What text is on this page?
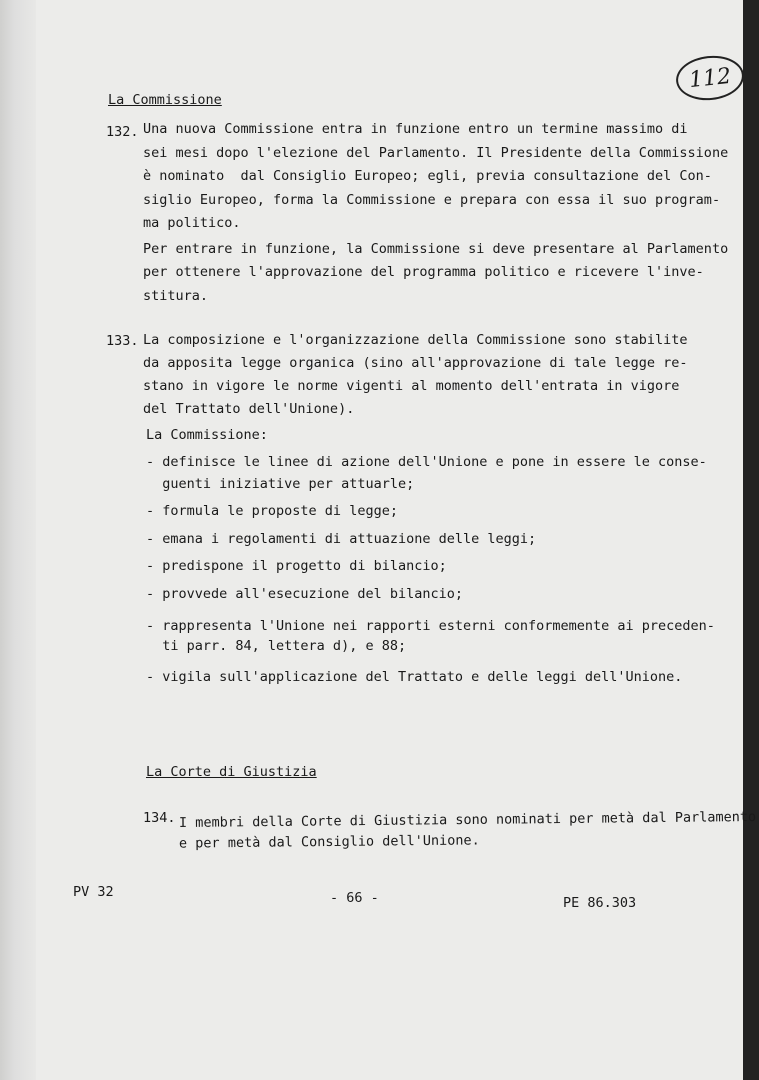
112
La Commissione
132. Una nuova Commissione entra in funzione entro un termine massimo di
sei mesi dopo l'elezione del Parlamento. Il Presidente della Commissione
è nominato  dal Consiglio Europeo; egli, previa consultazione del Con-
siglio Europeo, forma la Commissione e prepara con essa il suo program-
ma politico.
Per entrare in funzione, la Commissione si deve presentare al Parlamento
per ottenere l'approvazione del programma politico e ricevere l'inve-
stitura.
133. La composizione e l'organizzazione della Commissione sono stabilite
da apposita legge organica (sino all'approvazione di tale legge re-
stano in vigore le norme vigenti al momento dell'entrata in vigore
del Trattato dell'Unione).
La Commissione:
- definisce le linee di azione dell'Unione e pone in essere le conse-
guenti iniziative per attuarle;
- formula le proposte di legge;
- emana i regolamenti di attuazione delle leggi;
- predispone il progetto di bilancio;
- provvede all'esecuzione del bilancio;
- rappresenta l'Unione nei rapporti esterni conformemente ai preceden-
ti parr. 84, lettera d), e 88;
- vigila sull'applicazione del Trattato e delle leggi dell'Unione.
La Corte di Giustizia
134. I membri della Corte di Giustizia sono nominati per metà dal Parlamento
e per metà dal Consiglio dell'Unione.
PV 32	- 66 -	PE 86.303
